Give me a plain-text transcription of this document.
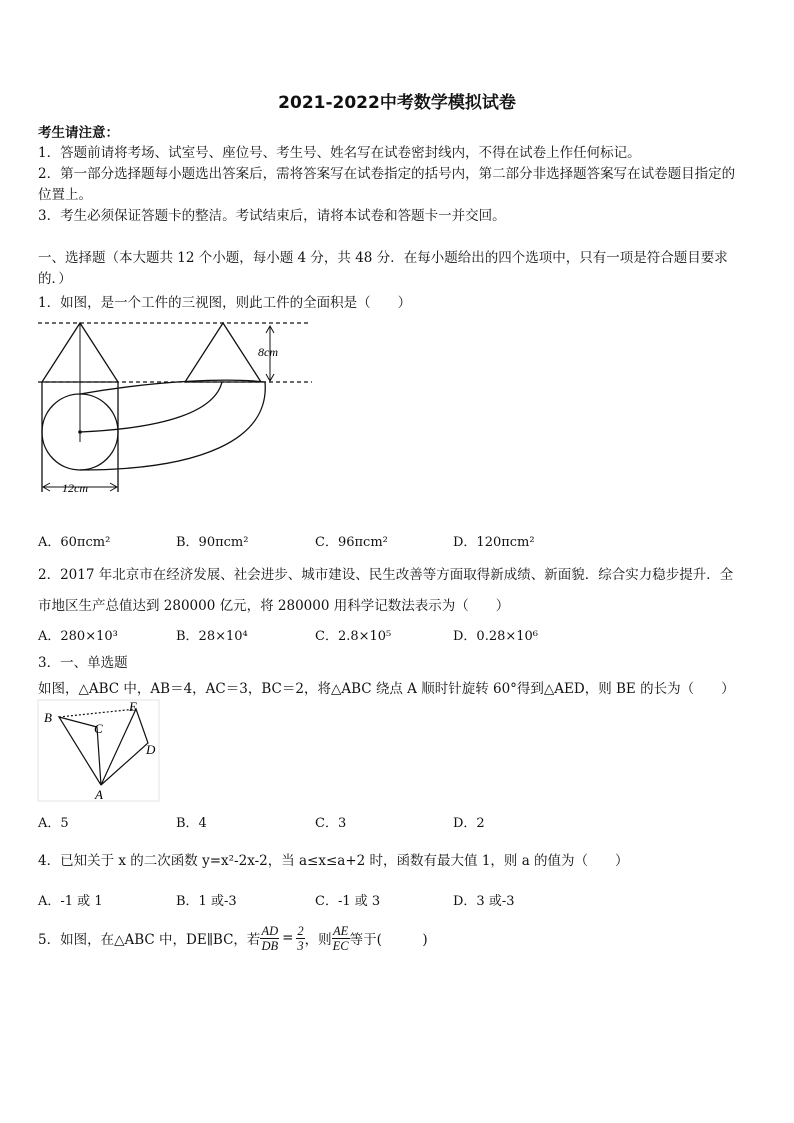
2021-2022中考数学模拟试卷
考生请注意：
1．答题前请将考场、试室号、座位号、考生号、姓名写在试卷密封线内，不得在试卷上作任何标记。
2．第一部分选择题每小题选出答案后，需将答案写在试卷指定的括号内，第二部分非选择题答案写在试卷题目指定的
位置上。
3．考生必须保证答题卡的整洁。考试结束后，请将本试卷和答题卡一并交回。
一、选择题（本大题共 12 个小题，每小题 4 分，共 48 分．在每小题给出的四个选项中，只有一项是符合题目要求
的．）
1．如图，是一个工件的三视图，则此工件的全面积是（　　）
8cm
12cm
B
C
E
D
A
A．60πcm²	B．90πcm²	C．96πcm²	D．120πcm²
2．2017 年北京市在经济发展、社会进步、城市建设、民生改善等方面取得新成绩、新面貌．综合实力稳步提升．全
市地区生产总值达到 280000 亿元，将 280000 用科学记数法表示为（　　）
A．280×10³	B．28×10⁴	C．2.8×10⁵	D．0.28×10⁶
3．一、单选题
如图，△ABC 中，AB＝4，AC＝3，BC＝2，将△ABC 绕点 A 顺时针旋转 60°得到△AED，则 BE 的长为（　　）
A．5	B．4	C．3	D．2
4．已知关于 x 的二次函数 y=x²-2x-2，当 a≤x≤a+2 时，函数有最大值 1，则 a 的值为（　　）
A．-1 或 1	B．1 或-3	C．-1 或 3	D．3 或-3
5．如图，在△ABC 中，DE∥BC，若 $\frac{AD}{DB} = \frac{2}{3}$ ，则 $\frac{AE}{EC}$ 等于(　　　)
